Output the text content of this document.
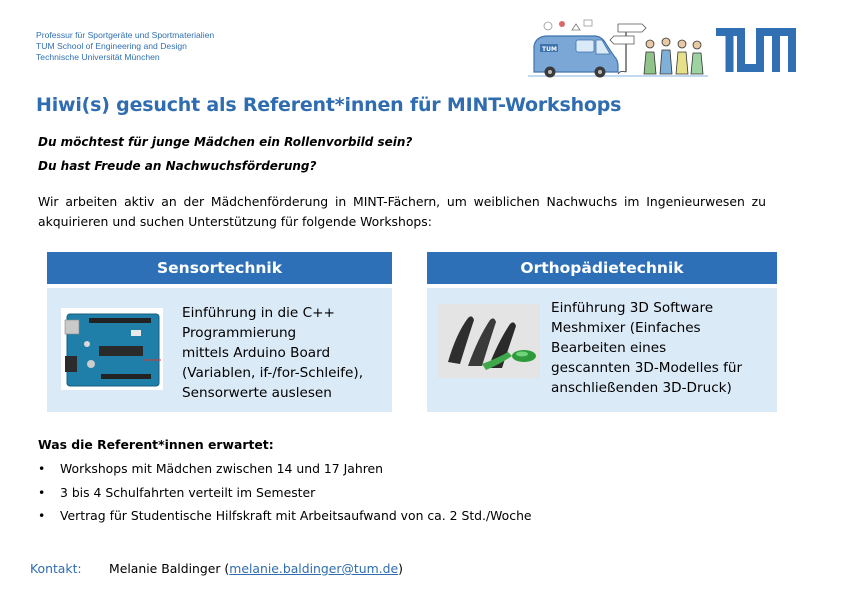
Professur für Sportgeräte und Sportmaterialien
TUM School of Engineering and Design
Technische Universität München
TUM
Hiwi(s) gesucht als Referent*innen für MINT-Workshops
Du möchtest für junge Mädchen ein Rollenvorbild sein?
Du hast Freude an Nachwuchsförderung?
Wir arbeiten aktiv an der Mädchenförderung in MINT-Fächern, um weiblichen Nachwuchs im Ingenieurwesen zu akquirieren und suchen Unterstützung für folgende Workshops:
Sensortechnik
Einführung in die C++
Programmierung
mittels Arduino Board
(Variablen, if-/for-Schleife),
Sensorwerte auslesen
Orthopädietechnik
Einführung 3D Software
Meshmixer (Einfaches
Bearbeiten eines
gescannten 3D-Modelles für
anschließenden 3D-Druck)
Was die Referent*innen erwartet:
• Workshops mit Mädchen zwischen 14 und 17 Jahren
• 3 bis 4 Schulfahrten verteilt im Semester
• Vertrag für Studentische Hilfskraft mit Arbeitsaufwand von ca. 2 Std./Woche
Kontakt: Melanie Baldinger (melanie.baldinger@tum.de)
